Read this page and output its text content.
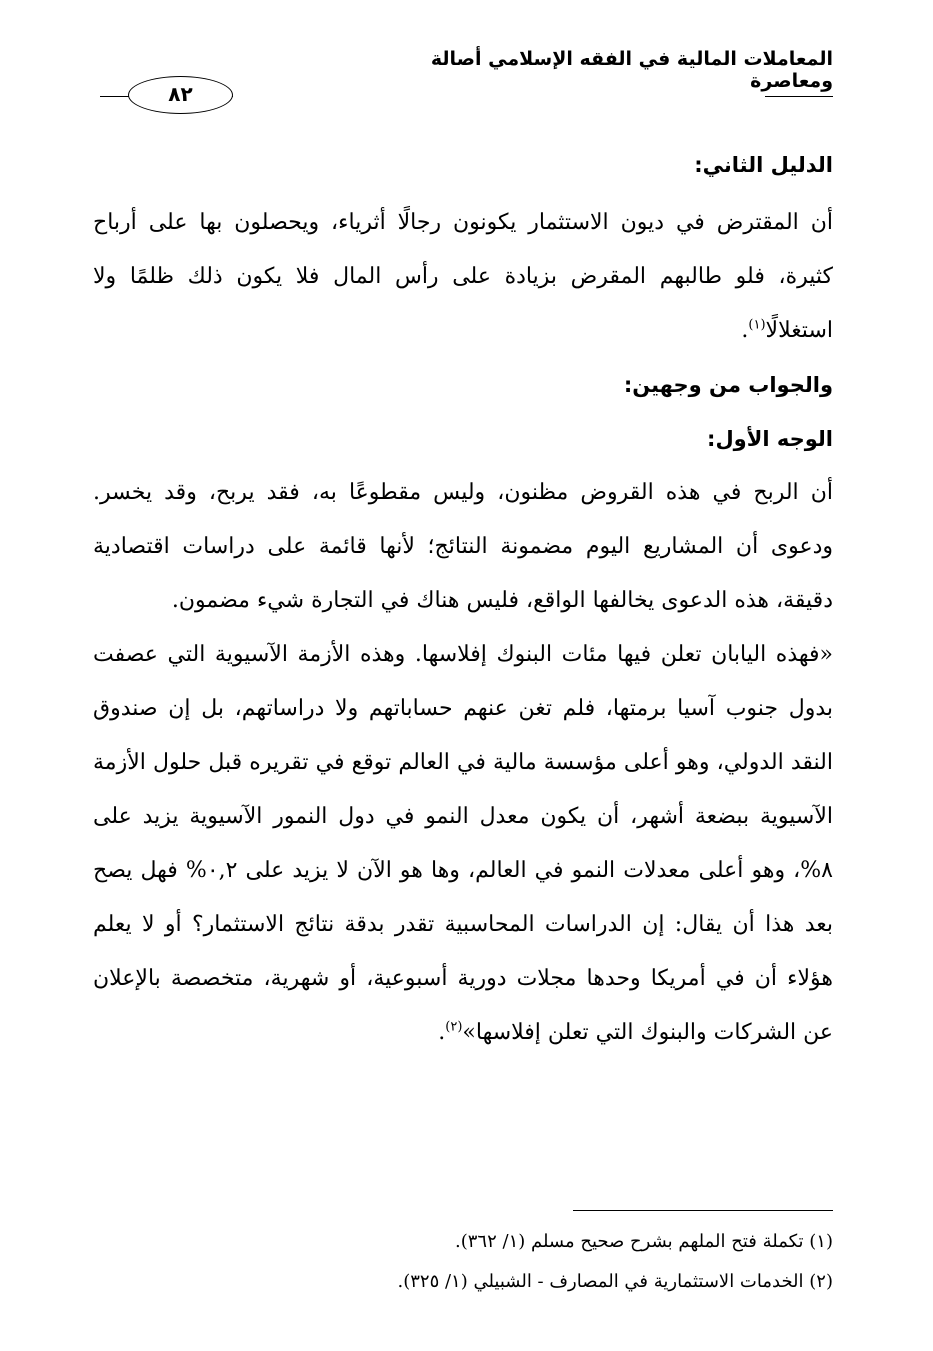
المعاملات المالية في الفقه الإسلامي أصالة ومعاصرة
٨٢

الدليل الثاني:

أن المقترض في ديون الاستثمار يكونون رجالًا أثرياء، ويحصلون بها على أرباح كثيرة، فلو طالبهم المقرض بزيادة على رأس المال فلا يكون ذلك ظلمًا ولا استغلالًا$^{(١)}$.

والجواب من وجهين:

الوجه الأول:

أن الربح في هذه القروض مظنون، وليس مقطوعًا به، فقد يربح، وقد يخسر. ودعوى أن المشاريع اليوم مضمونة النتائج؛ لأنها قائمة على دراسات اقتصادية دقيقة، هذه الدعوى يخالفها الواقع، فليس هناك في التجارة شيء مضمون.

«فهذه اليابان تعلن فيها مئات البنوك إفلاسها. وهذه الأزمة الآسيوية التي عصفت بدول جنوب آسيا برمتها، فلم تغن عنهم حساباتهم ولا دراساتهم، بل إن صندوق النقد الدولي، وهو أعلى مؤسسة مالية في العالم توقع في تقريره قبل حلول الأزمة الآسيوية ببضعة أشهر، أن يكون معدل النمو في دول النمور الآسيوية يزيد على ٨%، وهو أعلى معدلات النمو في العالم، وها هو الآن لا يزيد على ٠,٢% فهل يصح بعد هذا أن يقال: إن الدراسات المحاسبية تقدر بدقة نتائج الاستثمار؟ أو لا يعلم هؤلاء أن في أمريكا وحدها مجلات دورية أسبوعية، أو شهرية، متخصصة بالإعلان عن الشركات والبنوك التي تعلن إفلاسها»$^{(٢)}$.

(١) تكملة فتح الملهم بشرح صحيح مسلم (١/ ٣٦٢).

(٢) الخدمات الاستثمارية في المصارف - الشبيلي (١/ ٣٢٥).
